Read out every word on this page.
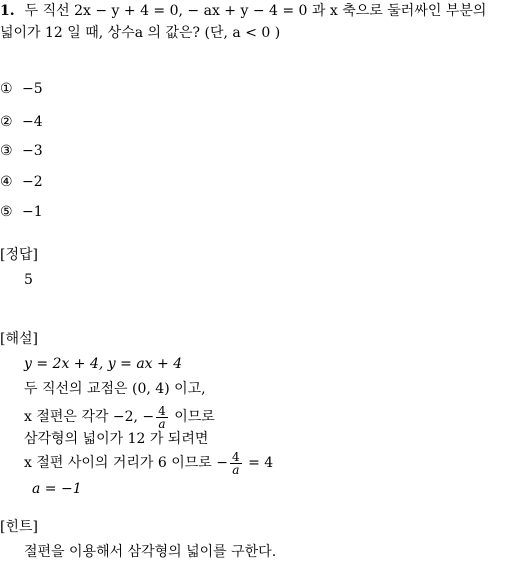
1. 두 직선 2x − y + 4 = 0, − ax + y − 4 = 0 과 x 축으로 둘러싸인 부분의
넓이가 12 일 때, 상수a 의 값은? (단, a < 0 )
① −5
② −4
③ −3
④ −2
⑤ −1
[정답]
5
[해설]
y = 2x + 4, y = ax + 4
두 직선의 교점은 (0, 4) 이고,
x 절편은 각각 −2, − $\frac{4}{a}$ 이므로
삼각형의 넓이가 12 가 되려면
x 절편 사이의 거리가 6 이므로 − $\frac{4}{a} = 4$
a = −1
[힌트]
절편을 이용해서 삼각형의 넓이를 구한다.
